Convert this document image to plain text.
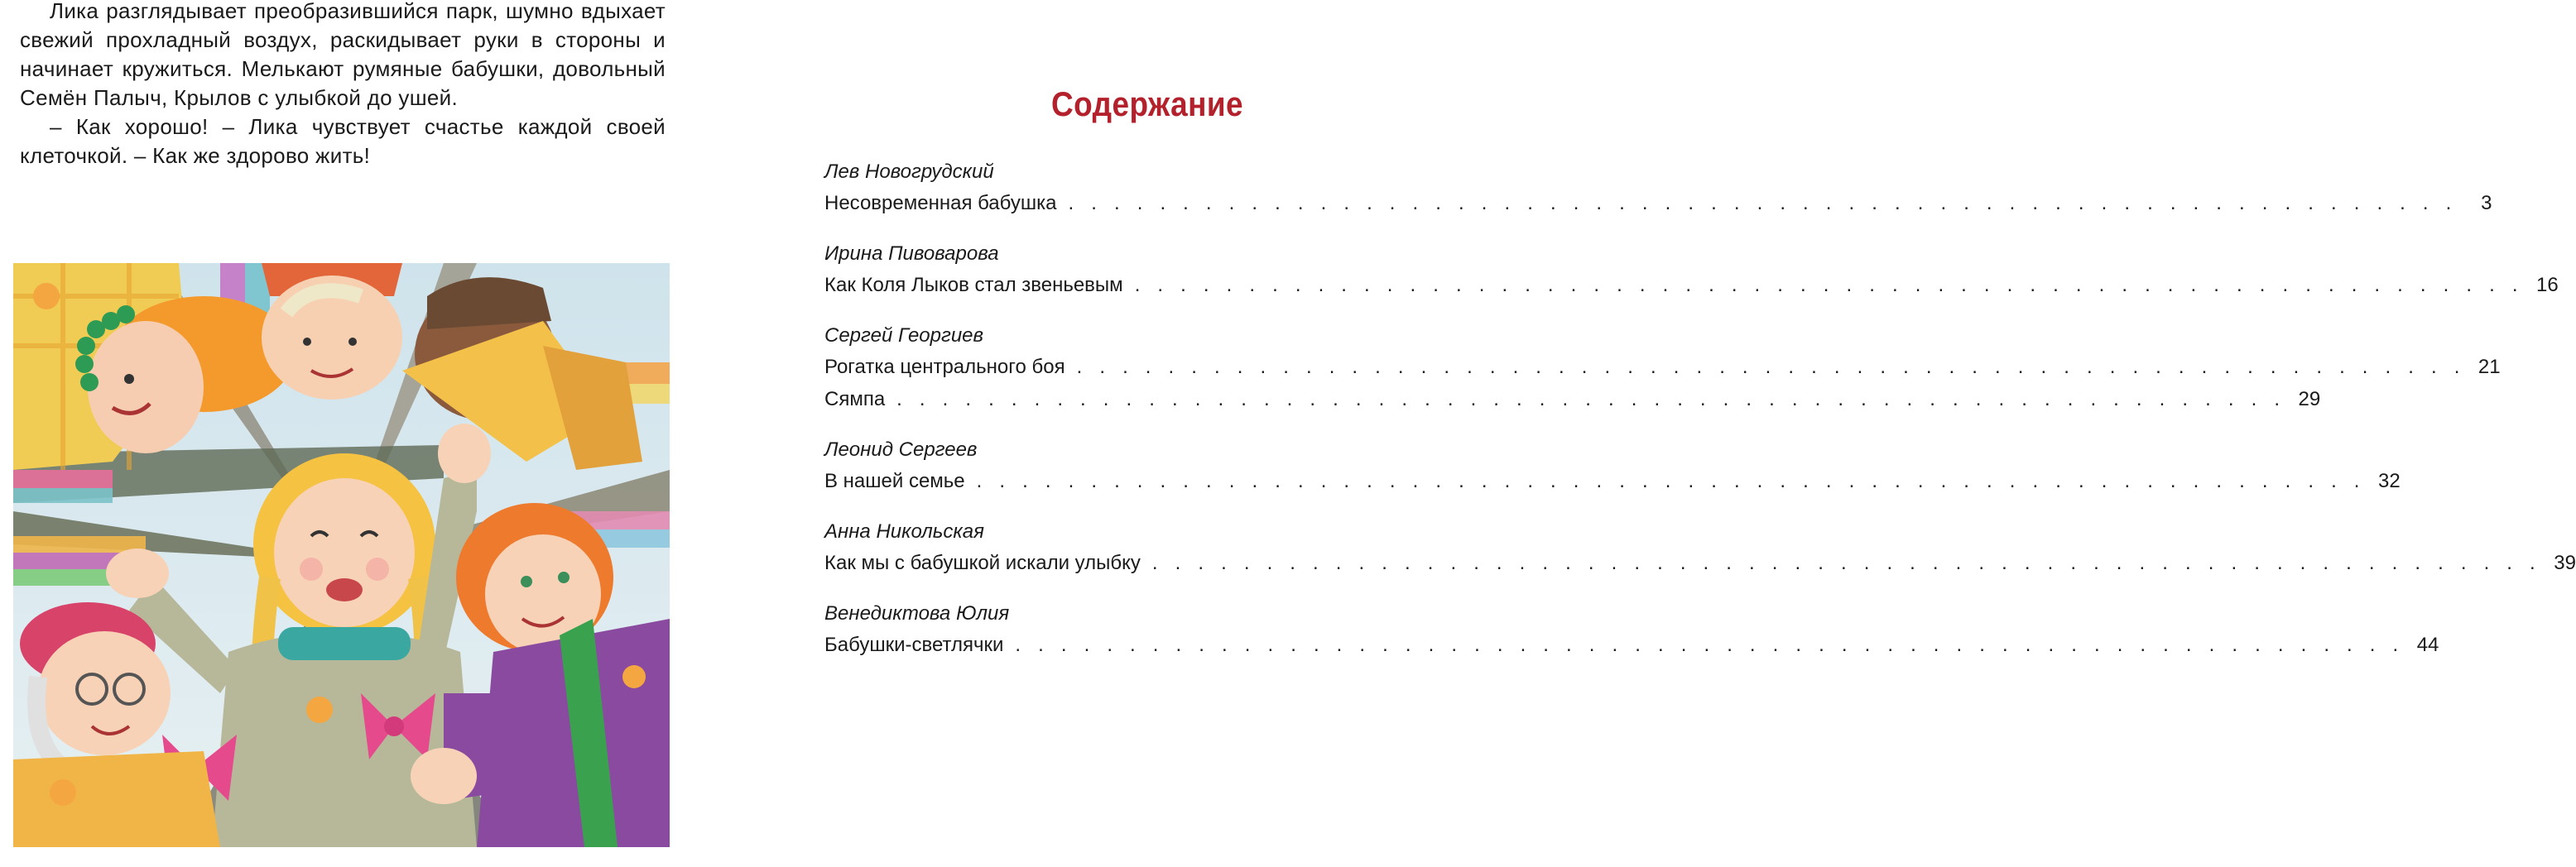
Лика разглядывает преобразившийся парк, шумно вдыхает свежий прохладный воздух, раскидывает руки в стороны и начинает кружиться. Мелькают румяные бабушки, довольный Семён Палыч, Крылов с улыбкой до ушей.

– Как хорошо! – Лика чувствует счастье каждой своей клеточкой. – Как же здорово жить!

Содержание
Лев Новогрудский
Несовременная бабушка . . . . . . . . . . . . . . . . . . . . . . . . . . . . . . . . . . . . . . . . . . . . . . . . . . . . . . . . . . . . .	3
Ирина Пивоварова
Как Коля Лыков стал звеньевым . . . . . . . . . . . . . . . . . . . . . . . . . . . . . . . . . . . . . . . . . . . . . . . . . . . . . . . . . . . . . 16
Сергей Георгиев
Рогатка центрального боя . . . . . . . . . . . . . . . . . . . . . . . . . . . . . . . . . . . . . . . . . . . . . . . . . . . . . . . . . . . . . 21
Сямпа . . . . . . . . . . . . . . . . . . . . . . . . . . . . . . . . . . . . . . . . . . . . . . . . . . . . . . . . . . . . . 29
Леонид Сергеев
В нашей семье . . . . . . . . . . . . . . . . . . . . . . . . . . . . . . . . . . . . . . . . . . . . . . . . . . . . . . . . . . . . . 32
Анна Никольская
Как мы с бабушкой искали улыбку . . . . . . . . . . . . . . . . . . . . . . . . . . . . . . . . . . . . . . . . . . . . . . . . . . . . . . . . . . . . . 39
Венедиктова Юлия
Бабушки-светлячки . . . . . . . . . . . . . . . . . . . . . . . . . . . . . . . . . . . . . . . . . . . . . . . . . . . . . . . . . . . . . 44
